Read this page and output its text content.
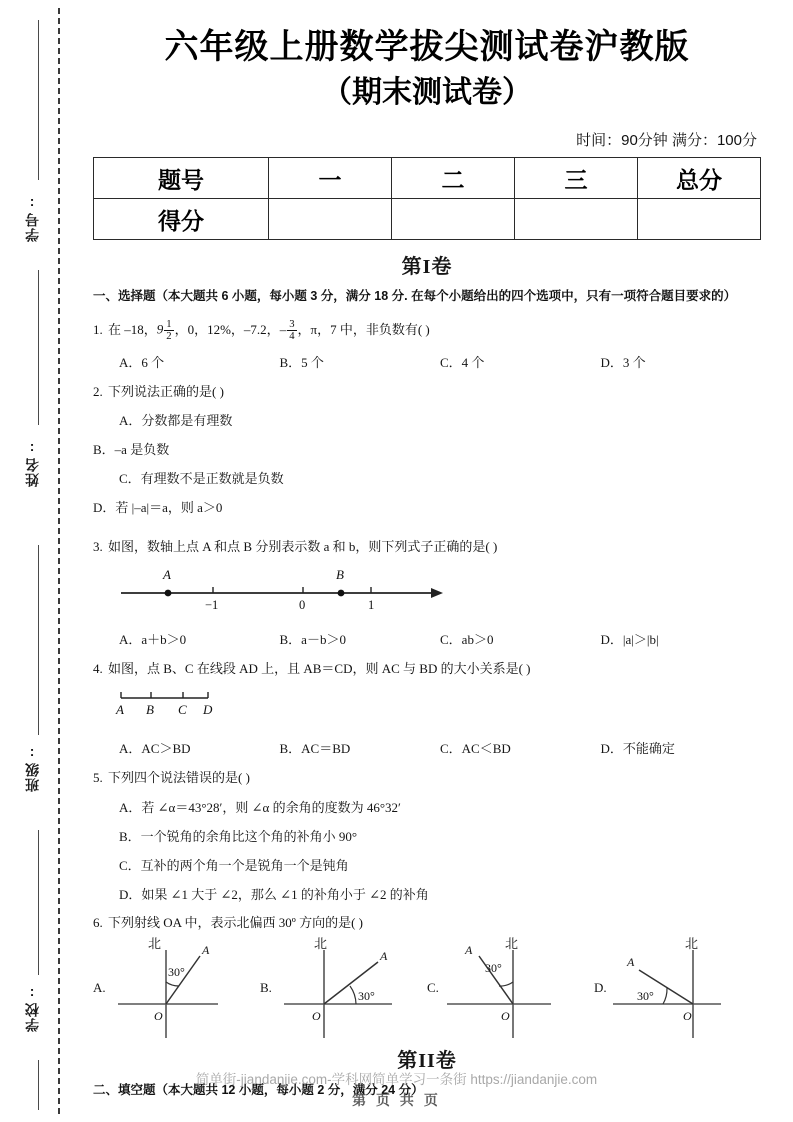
学号:
姓名:
班级:
学校:
六年级上册数学拔尖测试卷沪教版
（期末测试卷）
时间：90分钟 满分：100分
题号	一	二	三	总分
得分				
第I卷
一、选择题（本大题共 6 小题，每小题 3 分，满分 18 分. 在每个小题给出的四个选项中，只有一项符合题目要求的）
1. 在 –18，$9 \frac{1}{2}$ ，0，12%，–7.2，– $\frac{3}{4}$ ，π，7 中，非负数有( )
A．6 个	B．5 个	C．4 个	D．3 个
2. 下列说法正确的是( )
A．分数都是有理数
B．–a 是负数
C．有理数不是正数就是负数
D．若 |–a|＝a，则 a＞0
3. 如图，数轴上点 A 和点 B 分别表示数 a 和 b，则下列式子正确的是( )
A	B
−1	0	1
A．a＋b＞0	B．a－b＞0	C．ab＞0	D．|a|＞|b|
4. 如图，点 B、C 在线段 AD 上，且 AB＝CD，则 AC 与 BD 的大小关系是( )
A B C D
A．AC＞BD	B．AC＝BD	C．AC＜BD	D．不能确定
5. 下列四个说法错误的是( )
A．若 ∠α＝43°28′，则 ∠α 的余角的度数为 46°32′
B．一个锐角的余角比这个角的补角小 90°
C．互补的两个角一个是锐角一个是钝角
D．如果 ∠1 大于 ∠2，那么 ∠1 的补角小于 ∠2 的补角
6. 下列射线 OA 中，表示北偏西 30º 方向的是( )
A.
北	A
30°
O
B.
北
A
30°
O
C.
北
A
30°
O
D.
北
A
30°
O
第II卷
二、填空题（本大题共 12 小题，每小题 2 分，满分 24 分）
简单街-jiandanjie.com-学科网简单学习一条街 https://jiandanjie.com
第 页 共 页
